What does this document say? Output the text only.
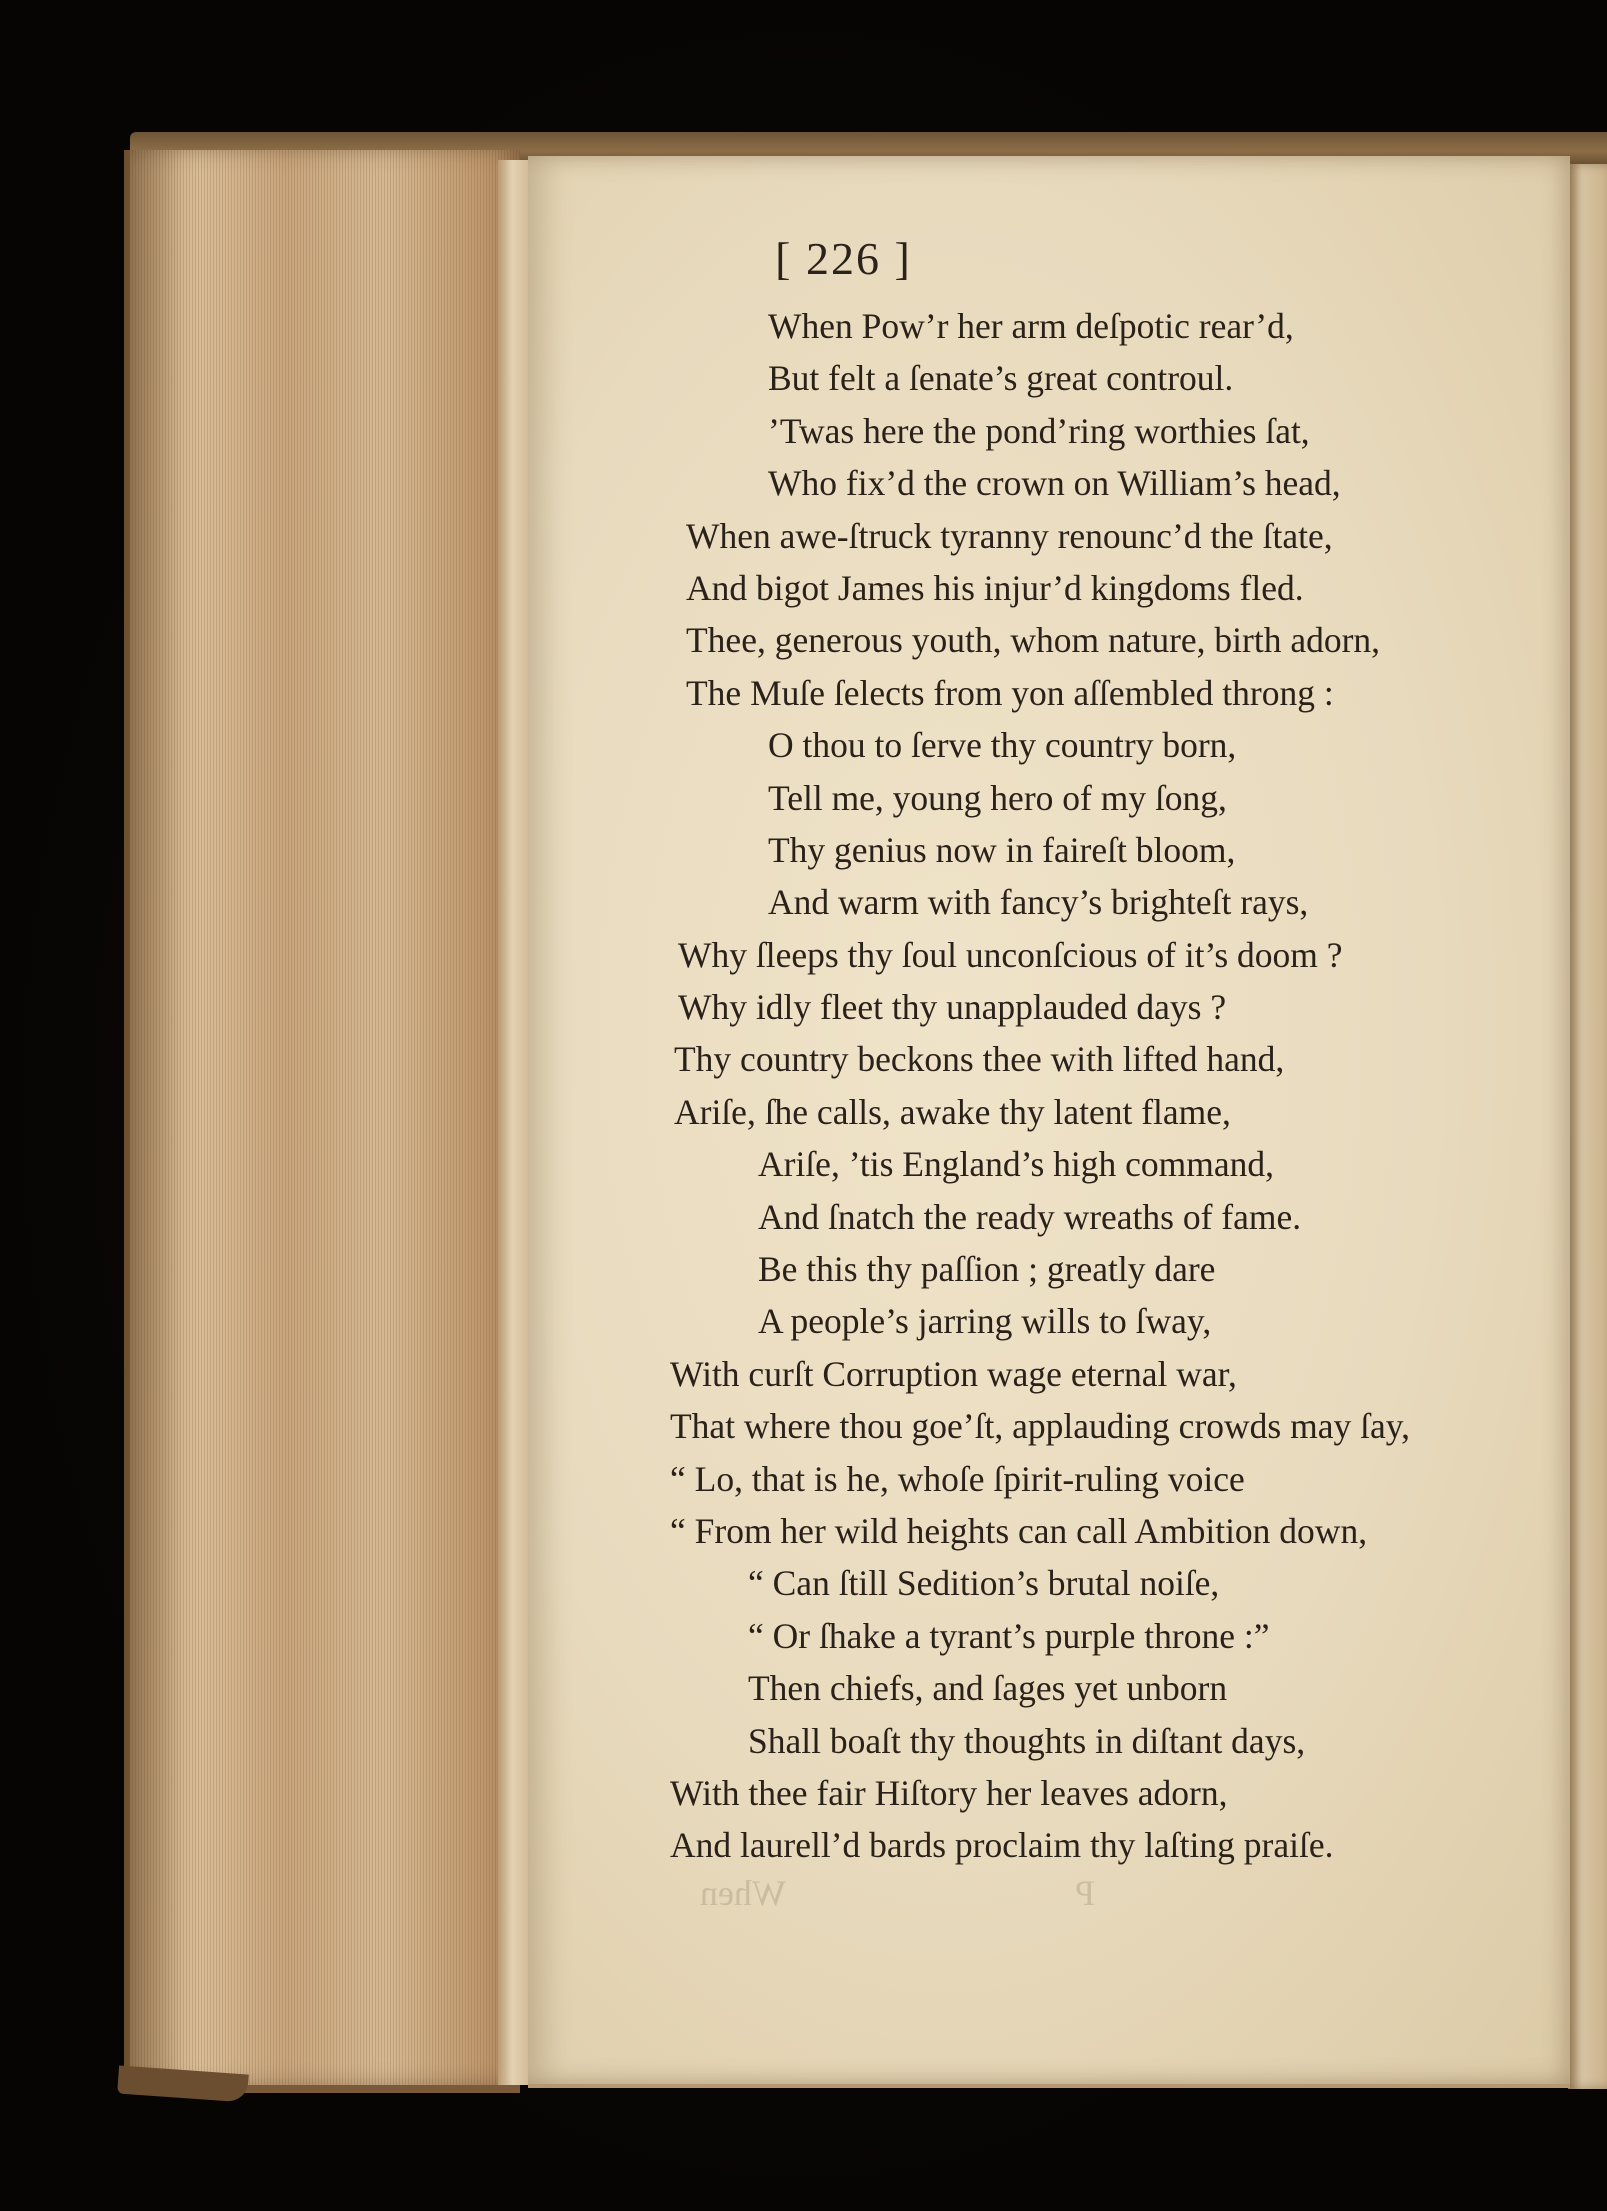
[ 226 ]
When Pow’r her arm deſpotic rear’d,
But felt a ſenate’s great controul.
’Twas here the pond’ring worthies ſat,
Who fix’d the crown on William’s head,
When awe-ſtruck tyranny renounc’d the ſtate,
And bigot James his injur’d kingdoms fled.
Thee, generous youth, whom nature, birth adorn,
The Muſe ſelects from yon aſſembled throng :
O thou to ſerve thy country born,
Tell me, young hero of my ſong,
Thy genius now in faireſt bloom,
And warm with fancy’s brighteſt rays,
Why ſleeps thy ſoul unconſcious of it’s doom ?
Why idly fleet thy unapplauded days ?
Thy country beckons thee with lifted hand,
Ariſe, ſhe calls, awake thy latent flame,
Ariſe, ’tis England’s high command,
And ſnatch the ready wreaths of fame.
Be this thy paſſion ; greatly dare
A people’s jarring wills to ſway,
With curſt Corruption wage eternal war,
That where thou goe’ſt, applauding crowds may ſay,
“ Lo, that is he, whoſe ſpirit-ruling voice
“ From her wild heights can call Ambition down,
“ Can ſtill Sedition’s brutal noiſe,
“ Or ſhake a tyrant’s purple throne :”
Then chiefs, and ſages yet unborn
Shall boaſt thy thoughts in diſtant days,
With thee fair Hiſtory her leaves adorn,
And laurell’d bards proclaim thy laſting praiſe.
When	P
